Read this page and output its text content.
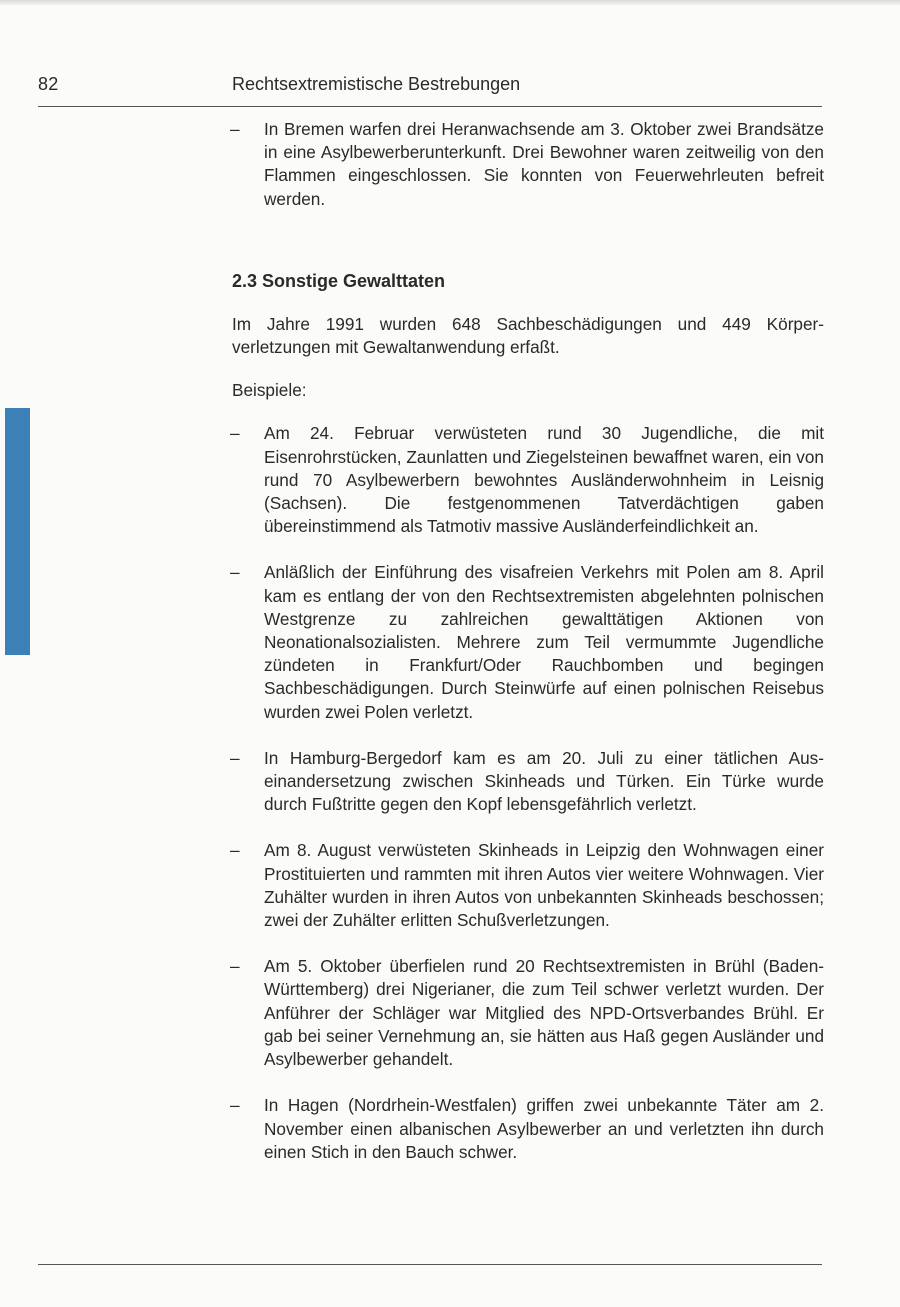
82	Rechtsextremistische Bestrebungen
– In Bremen warfen drei Heranwachsende am 3. Oktober zwei Brandsätze in eine Asylbewerberunterkunft. Drei Bewohner waren zeitweilig von den Flammen eingeschlossen. Sie konnten von Feuerwehrleuten befreit werden.
2.3 Sonstige Gewalttaten
Im Jahre 1991 wurden 648 Sachbeschädigungen und 449 Körperverletzungen mit Gewaltanwendung erfaßt.
Beispiele:
– Am 24. Februar verwüsteten rund 30 Jugendliche, die mit Eisenrohrstücken, Zaunlatten und Ziegelsteinen bewaffnet waren, ein von rund 70 Asylbewerbern bewohntes Ausländerwohnheim in Leisnig (Sachsen). Die festgenommenen Tatverdächtigen gaben übereinstimmend als Tatmotiv massive Ausländerfeindlichkeit an.
– Anläßlich der Einführung des visafreien Verkehrs mit Polen am 8. April kam es entlang der von den Rechtsextremisten abgelehnten polnischen Westgrenze zu zahlreichen gewalttätigen Aktionen von Neonationalsozialisten. Mehrere zum Teil vermummte Jugendliche zündeten in Frankfurt/Oder Rauchbomben und begingen Sachbeschädigungen. Durch Steinwürfe auf einen polnischen Reisebus wurden zwei Polen verletzt.
– In Hamburg-Bergedorf kam es am 20. Juli zu einer tätlichen Auseinandersetzung zwischen Skinheads und Türken. Ein Türke wurde durch Fußtritte gegen den Kopf lebensgefährlich verletzt.
– Am 8. August verwüsteten Skinheads in Leipzig den Wohnwagen einer Prostituierten und rammten mit ihren Autos vier weitere Wohnwagen. Vier Zuhälter wurden in ihren Autos von unbekannten Skinheads beschossen; zwei der Zuhälter erlitten Schußverletzungen.
– Am 5. Oktober überfielen rund 20 Rechtsextremisten in Brühl (Baden-Württemberg) drei Nigerianer, die zum Teil schwer verletzt wurden. Der Anführer der Schläger war Mitglied des NPD-Ortsverbandes Brühl. Er gab bei seiner Vernehmung an, sie hätten aus Haß gegen Ausländer und Asylbewerber gehandelt.
– In Hagen (Nordrhein-Westfalen) griffen zwei unbekannte Täter am 2. November einen albanischen Asylbewerber an und verletzten ihn durch einen Stich in den Bauch schwer.
